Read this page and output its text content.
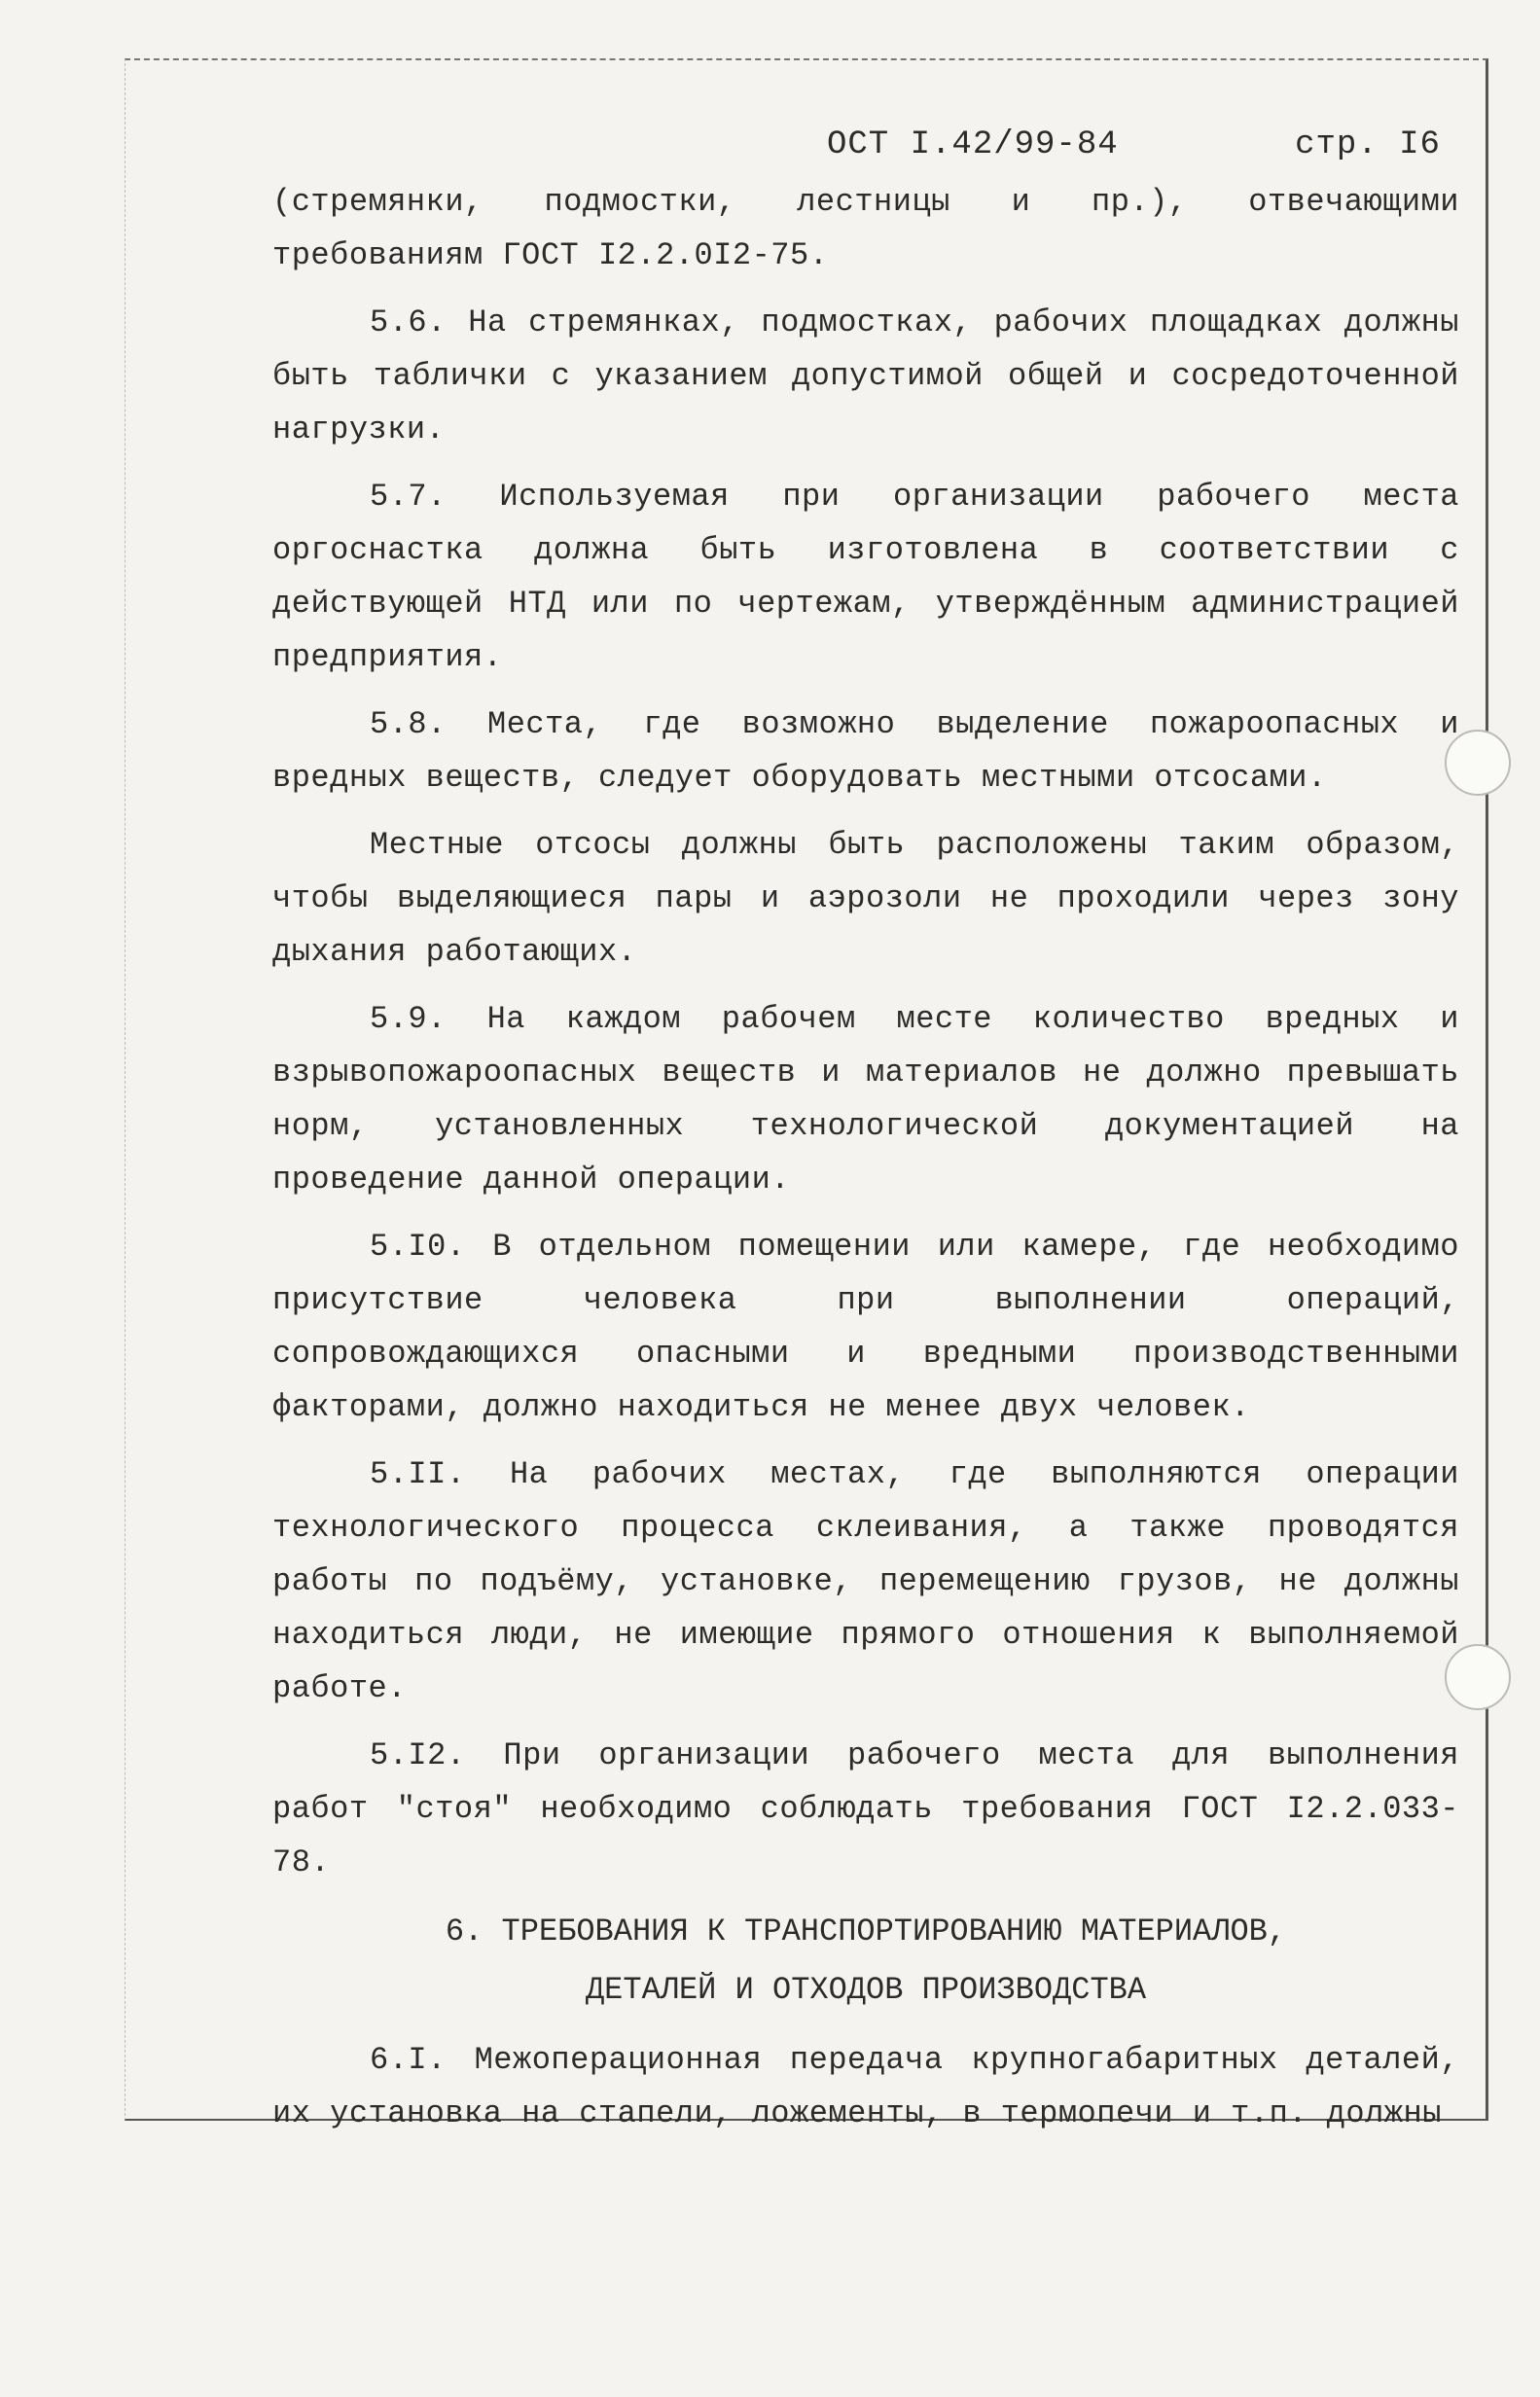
ОСТ I.42/99-84	стр. I6

(стремянки, подмостки, лестницы и пр.), отвечающими требованиям ГОСТ I2.2.0I2-75.

5.6. На стремянках, подмостках, рабочих площадках должны быть таблички с указанием допустимой общей и сосредоточенной нагрузки.

5.7. Используемая при организации рабочего места оргоснастка должна быть изготовлена в соответствии с действующей НТД или по чертежам, утверждённым администрацией предприятия.

5.8. Места, где возможно выделение пожароопасных и вредных веществ, следует оборудовать местными отсосами.

Местные отсосы должны быть расположены таким образом, чтобы выделяющиеся пары и аэрозоли не проходили через зону дыхания работающих.

5.9. На каждом рабочем месте количество вредных и взрывопожароопасных веществ и материалов не должно превышать норм, установленных технологической документацией на проведение данной операции.

5.I0. В отдельном помещении или камере, где необходимо присутствие человека при выполнении операций, сопровождающихся опасными и вредными производственными факторами, должно находиться не менее двух человек.

5.II. На рабочих местах, где выполняются операции технологического процесса склеивания, а также проводятся работы по подъёму, установке, перемещению грузов, не должны находиться люди, не имеющие прямого отношения к выполняемой работе.

5.I2. При организации рабочего места для выполнения работ "стоя" необходимо соблюдать требования ГОСТ I2.2.033-78.

6. ТРЕБОВАНИЯ К ТРАНСПОРТИРОВАНИЮ МАТЕРИАЛОВ,
ДЕТАЛЕЙ И ОТХОДОВ ПРОИЗВОДСТВА

6.I. Межоперационная передача крупногабаритных деталей, их установка на стапели, ложементы, в термопечи и т.п. должны
